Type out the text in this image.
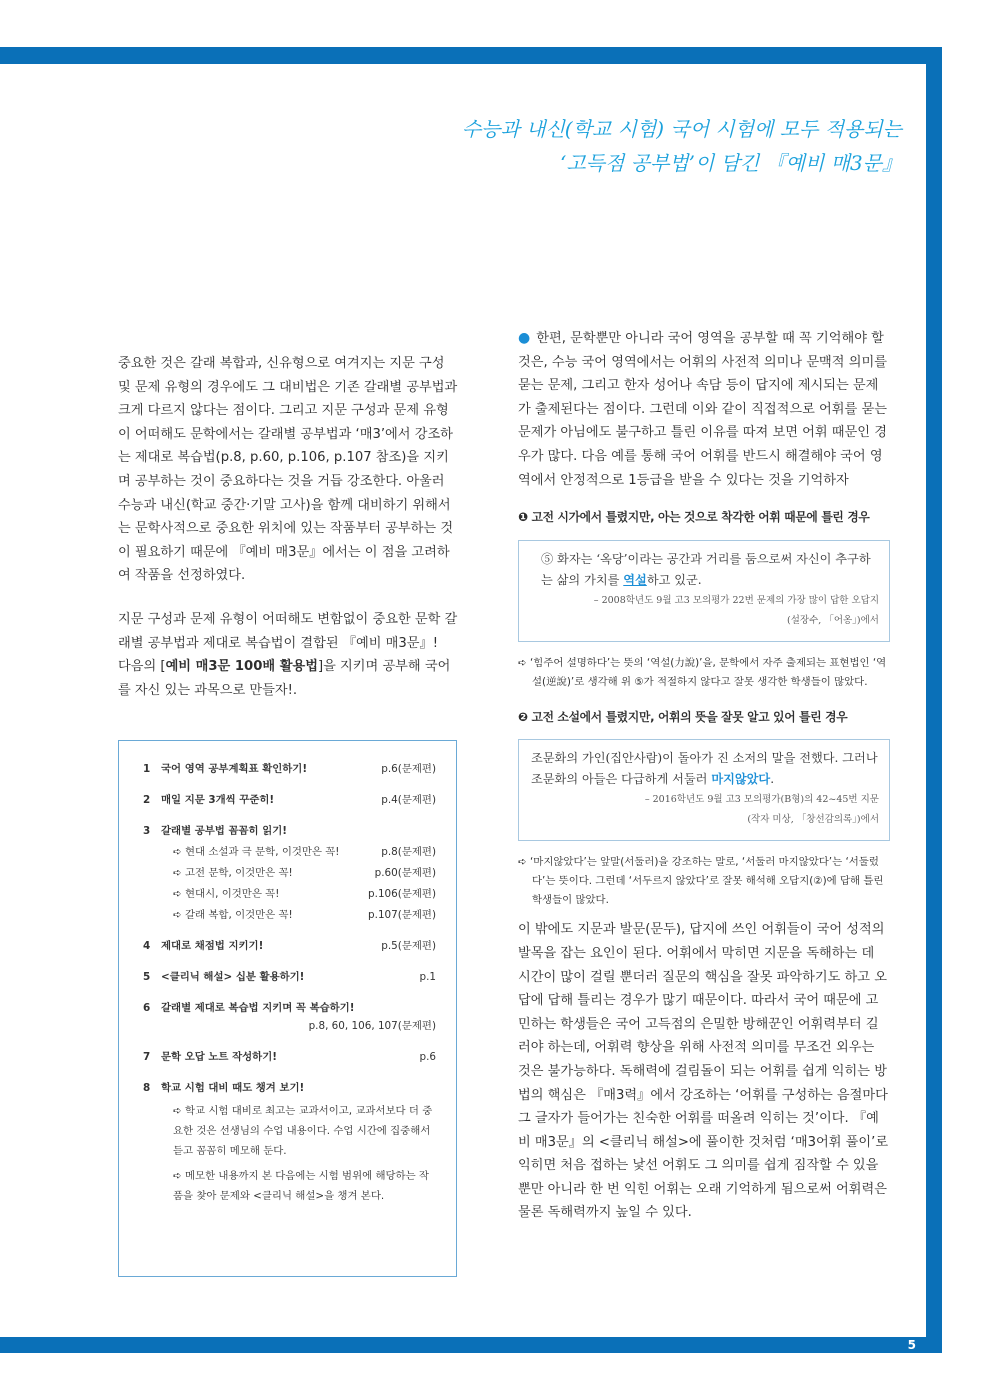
5
수능과 내신(학교 시험) 국어 시험에 모두 적용되는
‘고득점 공부법’이 담긴 『예비 매3문』

중요한 것은 갈래 복합과, 신유형으로 여겨지는 지문 구성 및 문제 유형의 경우에도 그 대비법은 기존 갈래별 공부법과 크게 다르지 않다는 점이다. 그리고 지문 구성과 문제 유형이 어떠해도 문학에서는 갈래별 공부법과 ‘매3’에서 강조하는 제대로 복습법(p.8, p.60, p.106, p.107 참조)을 지키며 공부하는 것이 중요하다는 것을 거듭 강조한다. 아울러 수능과 내신(학교 중간·기말 고사)을 함께 대비하기 위해서는 문학사적으로 중요한 위치에 있는 작품부터 공부하는 것이 필요하기 때문에 『예비 매3문』에서는 이 점을 고려하여 작품을 선정하였다.

지문 구성과 문제 유형이 어떠해도 변함없이 중요한 문학 갈래별 공부법과 제대로 복습법이 결합된 『예비 매3문』!

다음의 [예비 매3문 100배 활용법]을 지키며 공부해 국어를 자신 있는 과목으로 만들자!.

1	국어 영역 공부계획표 확인하기!	p.6(문제편)
2	매일 지문 3개씩 꾸준히!	p.4(문제편)
3	갈래별 공부법 꼼꼼히 읽기!
➪ 현대 소설과 극 문학, 이것만은 꼭!	p.8(문제편)
➪ 고전 문학, 이것만은 꼭!	p.60(문제편)
➪ 현대시, 이것만은 꼭!	p.106(문제편)
➪ 갈래 복합, 이것만은 꼭!	p.107(문제편)
4	제대로 채점법 지키기!	p.5(문제편)
5	<클리닉 해설> 십분 활용하기!	p.1
6	갈래별 제대로 복습법 지키며 꼭 복습하기!
p.8, 60, 106, 107(문제편)
7	문학 오답 노트 작성하기!	p.6
8	학교 시험 대비 때도 챙겨 보기!
➪ 학교 시험 대비로 최고는 교과서이고, 교과서보다 더 중요한 것은 선생님의 수업 내용이다. 수업 시간에 집중해서 듣고 꼼꼼히 메모해 둔다.
➪ 메모한 내용까지 본 다음에는 시험 범위에 해당하는 작품을 찾아 문제와 <클리닉 해설>을 챙겨 본다.

● 한편, 문학뿐만 아니라 국어 영역을 공부할 때 꼭 기억해야 할 것은, 수능 국어 영역에서는 어휘의 사전적 의미나 문맥적 의미를 묻는 문제, 그리고 한자 성어나 속담 등이 답지에 제시되는 문제가 출제된다는 점이다. 그런데 이와 같이 직접적으로 어휘를 묻는 문제가 아님에도 불구하고 틀린 이유를 따져 보면 어휘 때문인 경우가 많다. 다음 예를 통해 국어 어휘를 반드시 해결해야 국어 영역에서 안정적으로 1등급을 받을 수 있다는 것을 기억하자

❶ 고전 시가에서 틀렸지만, 아는 것으로 착각한 어휘 때문에 틀린 경우
⑤ 화자는 ‘옥당’이라는 공간과 거리를 둠으로써 자신이 추구하는 삶의 가치를 역설하고 있군.
– 2008학년도 9월 고3 모의평가 22번 문제의 가장 많이 답한 오답지
(설장수, 「어옹」)에서
➪ ‘힘주어 설명하다’는 뜻의 ‘역설(力說)’을, 문학에서 자주 출제되는 표현법인 ‘역설(逆說)’로 생각해 위 ⑤가 적절하지 않다고 잘못 생각한 학생들이 많았다.
❷ 고전 소설에서 틀렸지만, 어휘의 뜻을 잘못 알고 있어 틀린 경우
조문화의 가인(집안사람)이 돌아가 진 소저의 말을 전했다. 그러나 조문화의 아들은 다급하게 서둘러 마지않았다.
– 2016학년도 9월 고3 모의평가(B형)의 42~45번 지문
(작자 미상, 「창선감의록」)에서
➪ ‘마지않았다’는 앞말(서둘러)을 강조하는 말로, ‘서둘러 마지않았다’는 ‘서둘렀다’는 뜻이다. 그런데 ‘서두르지 않았다’로 잘못 해석해 오답지(②)에 답해 틀린 학생들이 많았다.

이 밖에도 지문과 발문(문두), 답지에 쓰인 어휘들이 국어 성적의 발목을 잡는 요인이 된다. 어휘에서 막히면 지문을 독해하는 데 시간이 많이 걸릴 뿐더러 질문의 핵심을 잘못 파악하기도 하고 오답에 답해 틀리는 경우가 많기 때문이다. 따라서 국어 때문에 고민하는 학생들은 국어 고득점의 은밀한 방해꾼인 어휘력부터 길러야 하는데, 어휘력 향상을 위해 사전적 의미를 무조건 외우는 것은 불가능하다. 독해력에 걸림돌이 되는 어휘를 쉽게 익히는 방법의 핵심은 『매3력』에서 강조하는 ‘어휘를 구성하는 음절마다 그 글자가 들어가는 친숙한 어휘를 떠올려 익히는 것’이다. 『예비 매3문』의 <클리닉 해설>에 풀이한 것처럼 ‘매3어휘 풀이’로 익히면 처음 접하는 낯선 어휘도 그 의미를 쉽게 짐작할 수 있을 뿐만 아니라 한 번 익힌 어휘는 오래 기억하게 됨으로써 어휘력은 물론 독해력까지 높일 수 있다.
